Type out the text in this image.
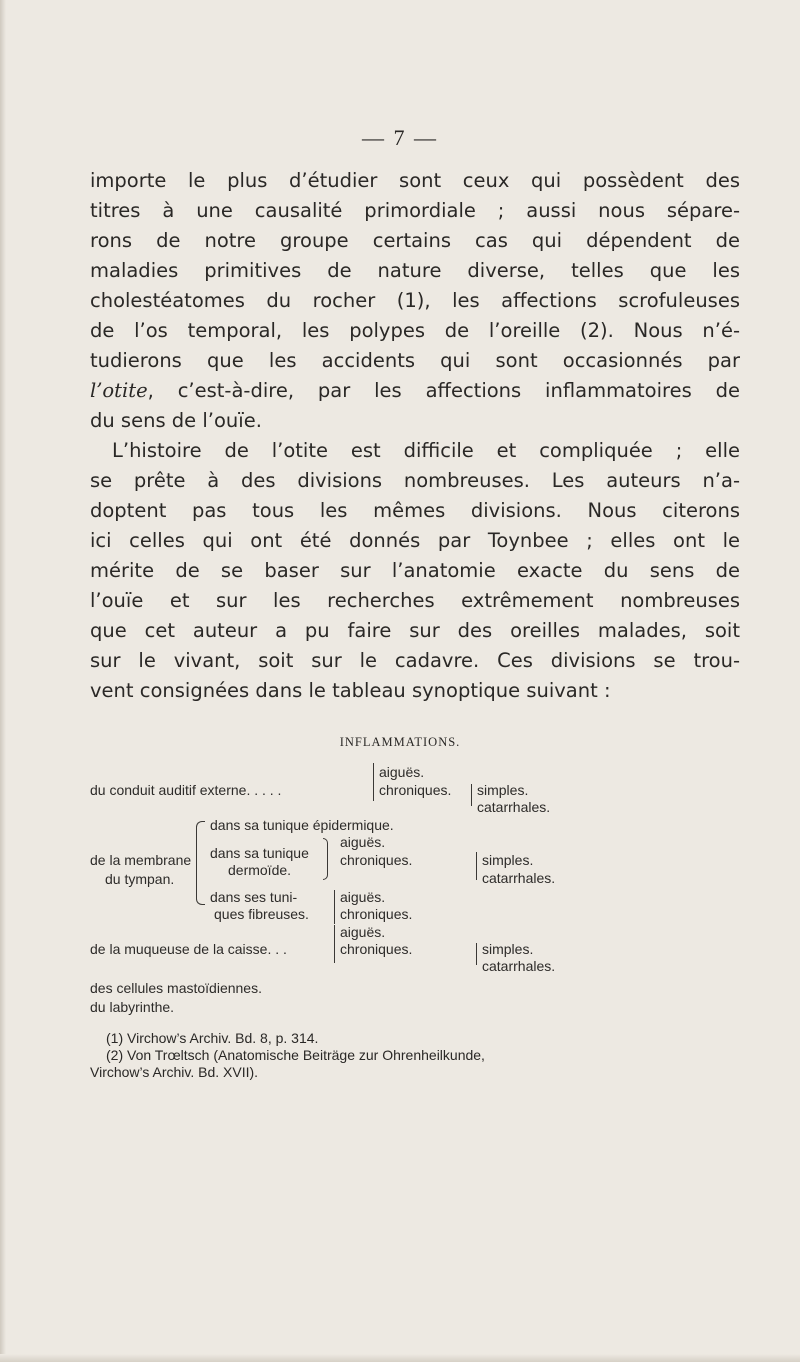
— 7 —

importe le plus d’étudier sont ceux qui possèdent des

titres à une causalité primordiale ; aussi nous sépare-

rons de notre groupe certains cas qui dépendent de

maladies primitives de nature diverse, telles que les

cholestéatomes du rocher (1), les affections scrofuleuses

de l’os temporal, les polypes de l’oreille (2). Nous n’é-

tudierons que les accidents qui sont occasionnés par

l’otite, c’est-à-dire, par les affections inflammatoires de

du sens de l’ouïe.

L’histoire de l’otite est difficile et compliquée ; elle

se prête à des divisions nombreuses. Les auteurs n’a-

doptent pas tous les mêmes divisions. Nous citerons

ici celles qui ont été donnés par Toynbee ; elles ont le

mérite de se baser sur l’anatomie exacte du sens de

l’ouïe et sur les recherches extrêmement nombreuses

que cet auteur a pu faire sur des oreilles malades, soit

sur le vivant, soit sur le cadavre. Ces divisions se trou-

vent consignées dans le tableau synoptique suivant :

INFLAMMATIONS.
du conduit auditif externe. . . . .
aiguës.
chroniques. simples.
catarrhales.
de la membrane
du tympan.
dans sa tunique épidermique.
dans sa tunique
dermoïde.
aiguës.
chroniques.	simples.
catarrhales.
dans ses tuni-
ques fibreuses.
aiguës.
chroniques.
de la muqueuse de la caisse. . .
aiguës.
chroniques.	simples.
catarrhales.
des cellules mastoïdiennes.
du labyrinthe.

(1) Virchow’s Archiv. Bd. 8, p. 314.

(2) Von Trœltsch (Anatomische Beiträge zur Ohrenheilkunde,

Virchow’s Archiv. Bd. XVII).
